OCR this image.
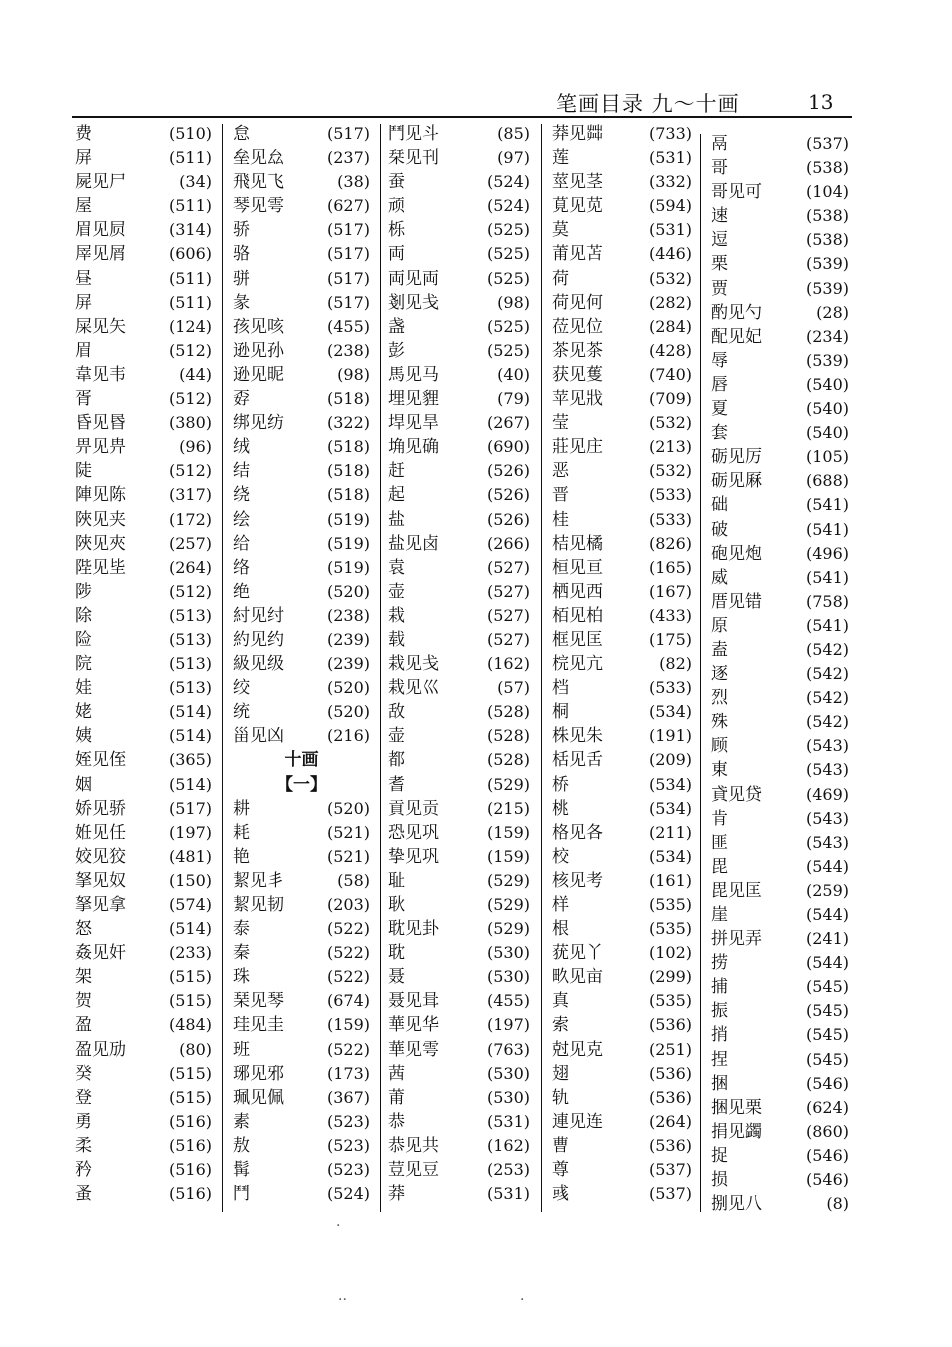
笔画目录 九～十画	13
费	(510)
屏	(511)
屍见尸	(34)
屋	(511)
眉见屃	(314)
屖见屑	(606)
昼	(511)
屏	(511)
屎见矢	(124)
眉	(512)
韋见韦	(44)
胥	(512)
昏见昬	(380)
畀见畁	(96)
陡	(512)
陣见陈	(317)
陜见夹	(172)
陜见夾	(257)
陛见坒	(264)
陟	(512)
除	(513)
险	(513)
院	(513)
娃	(513)
姥	(514)
姨	(514)
姪见侄	(365)
姻	(514)
娇见骄	(517)
姙见任	(197)
姣见狡	(481)
拏见奴	(150)
拏见拿	(574)
怒	(514)
姦见奸	(233)
架	(515)
贺	(515)
盈	(484)
盈见劢	(80)
癸	(515)
登	(515)
勇	(516)
柔	(516)
矜	(516)
蚤	(516)
怠	(517)
垒见厽	(237)
飛见飞	(38)
琴见雩	(627)
骄	(517)
骆	(517)
骈	(517)
彖	(517)
孩见咳	(455)
逊见孙	(238)
逊见昵	(98)
孬	(518)
绑见纺	(322)
绒	(518)
结	(518)
绕	(518)
绘	(519)
给	(519)
络	(519)
绝	(520)
紂见纣	(238)
約见约	(239)
級见级	(239)
绞	(520)
统	(520)
甾见凶	(216)
十画
【一】
耕	(520)
耗	(521)
艳	(521)
絜见丯	(58)
絜见韧	(203)
泰	(522)
秦	(522)
珠	(522)
琹见琴	(674)
珪见圭	(159)
班	(522)
琊见邪	(173)
珮见佩	(367)
素	(523)
敖	(523)
髯	(523)
鬥	(524)
鬥见斗	(85)
栞见刊	(97)
蚕	(524)
顽	(524)
栎	(525)
両	(525)
両见両	(525)
剗见戋	(98)
盏	(525)
彭	(525)
馬见马	(40)
埋见貍	(79)
垾见旱	(267)
埆见确	(690)
赶	(526)
起	(526)
盐	(526)
盐见卤	(266)
袁	(527)
壶	(527)
栽	(527)
载	(527)
栽见戋	(162)
栽见巛	(57)
敌	(528)
壶	(528)
都	(528)
耆	(529)
貢见贡	(215)
恐见巩	(159)
挚见巩	(159)
耻	(529)
耿	(529)
耽见卦	(529)
耽	(530)
聂	(530)
聂见咠	(455)
華见华	(197)
華见雩	(763)
茜	(530)
莆	(530)
恭	(531)
恭见共	(162)
荳见豆	(253)
莽	(531)
莽见茻	(733)
莲	(531)
莖见茎	(332)
莧见苋	(594)
莫	(531)
莆见苫	(446)
荷	(532)
荷见何	(282)
莅见位	(284)
茶见茶	(428)
获见蒦	(740)
苹见戕	(709)
莹	(532)
莊见庄	(213)
恶	(532)
晋	(533)
桂	(533)
桔见橘	(826)
桓见亘	(165)
栖见西	(167)
栢见柏	(433)
框见匡	(175)
梡见亢	(82)
档	(533)
桐	(534)
株见朱	(191)
栝见舌	(209)
桥	(534)
桃	(534)
格见各	(211)
校	(534)
核见考	(161)
样	(535)
根	(535)
莸见丫	(102)
畂见亩	(299)
真	(535)
索	(536)
尅见克	(251)
翅	(536)
轨	(536)
連见连	(264)
曹	(536)
尊	(537)
彧	(537)
鬲	(537)
哥	(538)
哥见可	(104)
速	(538)
逗	(538)
栗	(539)
贾	(539)
酌见勺	(28)
配见妃	(234)
辱	(539)
唇	(540)
夏	(540)
套	(540)
砺见厉	(105)
砺见厤	(688)
础	(541)
破	(541)
砲见炮	(496)
威	(541)
厝见错	(758)
原	(541)
盍	(542)
逐	(542)
烈	(542)
殊	(542)
顾	(543)
東	(543)
貣见贷	(469)
肯	(543)
匪	(543)
毘	(544)
毘见匡	(259)
崖	(544)
拼见弄	(241)
捞	(544)
捕	(545)
振	(545)
捎	(545)
捏	(545)
捆	(546)
捆见栗	(624)
捐见蠲	(860)
捉	(546)
损	(546)
捌见八	(8)
·
··	·
